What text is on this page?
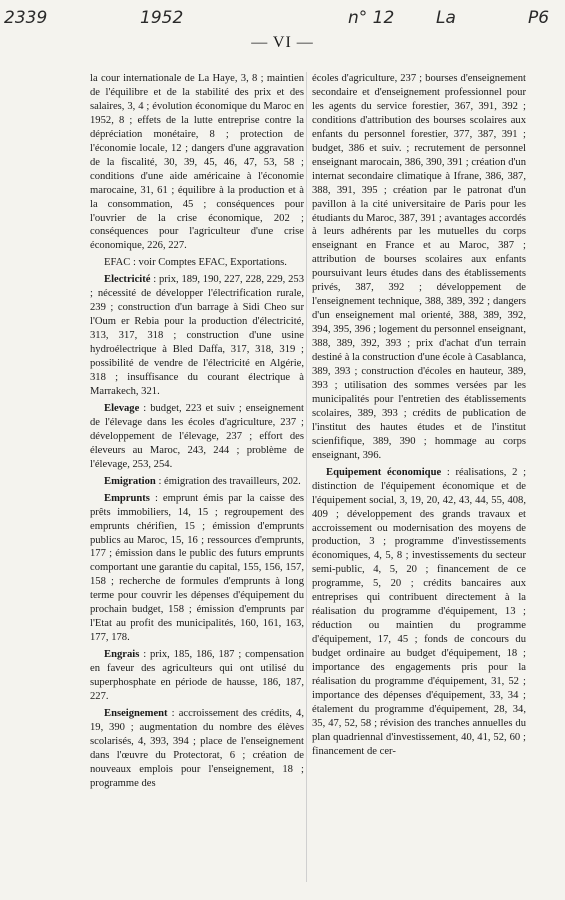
2339	1952	n° 12 La	P6
— VI —

la cour internationale de La Haye, 3, 8 ; maintien de l'équilibre et de la stabilité des prix et des salaires, 3, 4 ; évolution économique du Maroc en 1952, 8 ; effets de la lutte entreprise contre la dépréciation monétaire, 8 ; protection de l'économie locale, 12 ; dangers d'une aggravation de la fiscalité, 30, 39, 45, 46, 47, 53, 58 ; conditions d'une aide américaine à l'économie marocaine, 31, 61 ; équilibre à la production et à la consommation, 45 ; conséquences pour l'ouvrier de la crise économique, 202 ; conséquences pour l'agriculteur d'une crise économique, 226, 227.

EFAC : voir Comptes EFAC, Exportations.

Electricité : prix, 189, 190, 227, 228, 229, 253 ; nécessité de développer l'électrification rurale, 239 ; construction d'un barrage à Sidi Cheo sur l'Oum er Rebia pour la production d'électricité, 313, 317, 318 ; construction d'une usine hydroélectrique à Bled Daffa, 317, 318, 319 ; possibilité de vendre de l'électricité en Algérie, 318 ; insuffisance du courant électrique à Marrakech, 321.

Elevage : budget, 223 et suiv ; enseignement de l'élevage dans les écoles d'agriculture, 237 ; développement de l'élevage, 237 ; effort des éleveurs au Maroc, 243, 244 ; problème de l'élevage, 253, 254.

Emigration : émigration des travailleurs, 202.

Emprunts : emprunt émis par la caisse des prêts immobiliers, 14, 15 ; regroupement des emprunts chérifien, 15 ; émission d'emprunts publics au Maroc, 15, 16 ; ressources d'emprunts, 177 ; émission dans le public des futurs emprunts comportant une garantie du capital, 155, 156, 157, 158 ; recherche de formules d'emprunts à long terme pour couvrir les dépenses d'équipement du prochain budget, 158 ; émission d'emprunts par l'Etat au profit des municipalités, 160, 161, 163, 177, 178.

Engrais : prix, 185, 186, 187 ; compensation en faveur des agriculteurs qui ont utilisé du superphosphate en période de hausse, 186, 187, 227.

Enseignement : accroissement des crédits, 4, 19, 390 ; augmentation du nombre des élèves scolarisés, 4, 393, 394 ; place de l'enseignement dans l'œuvre du Protectorat, 6 ; création de nouveaux emplois pour l'enseignement, 18 ; programme des

écoles d'agriculture, 237 ; bourses d'enseignement secondaire et d'enseignement professionnel pour les agents du service forestier, 367, 391, 392 ; conditions d'attribution des bourses scolaires aux enfants du personnel forestier, 377, 387, 391 ; budget, 386 et suiv. ; recrutement de personnel enseignant marocain, 386, 390, 391 ; création d'un internat secondaire climatique à Ifrane, 386, 387, 388, 391, 395 ; création par le patronat d'un pavillon à la cité universitaire de Paris pour les étudiants du Maroc, 387, 391 ; avantages accordés à leurs adhérents par les mutuelles du corps enseignant en France et au Maroc, 387 ; attribution de bourses scolaires aux enfants poursuivant leurs études dans des établissements privés, 387, 392 ; développement de l'enseignement technique, 388, 389, 392 ; dangers d'un enseignement mal orienté, 388, 389, 392, 394, 395, 396 ; logement du personnel enseignant, 388, 389, 392, 393 ; prix d'achat d'un terrain destiné à la construction d'une école à Casablanca, 389, 393 ; construction d'écoles en hauteur, 389, 393 ; utilisation des sommes versées par les municipalités pour l'entretien des établissements scolaires, 389, 393 ; crédits de publication de l'institut des hautes études et de l'institut scienfifique, 389, 390 ; hommage au corps enseignant, 396.

Equipement économique : réalisations, 2 ; distinction de l'équipement économique et de l'équipement social, 3, 19, 20, 42, 43, 44, 55, 408, 409 ; développement des grands travaux et accroissement ou modernisation des moyens de production, 3 ; programme d'investissements économiques, 4, 5, 8 ; investissements du secteur semi-public, 4, 5, 20 ; financement de ce programme, 5, 20 ; crédits bancaires aux entreprises qui contribuent directement à la réalisation du programme d'équipement, 13 ; réduction ou maintien du programme d'équipement, 17, 45 ; fonds de concours du budget ordinaire au budget d'équipement, 18 ; importance des engagements pris pour la réalisation du programme d'équipement, 31, 52 ; importance des dépenses d'équipement, 33, 34 ; étalement du programme d'équipement, 28, 34, 35, 47, 52, 58 ; révision des tranches annuelles du plan quadriennal d'investissement, 40, 41, 52, 60 ; financement de cer-
